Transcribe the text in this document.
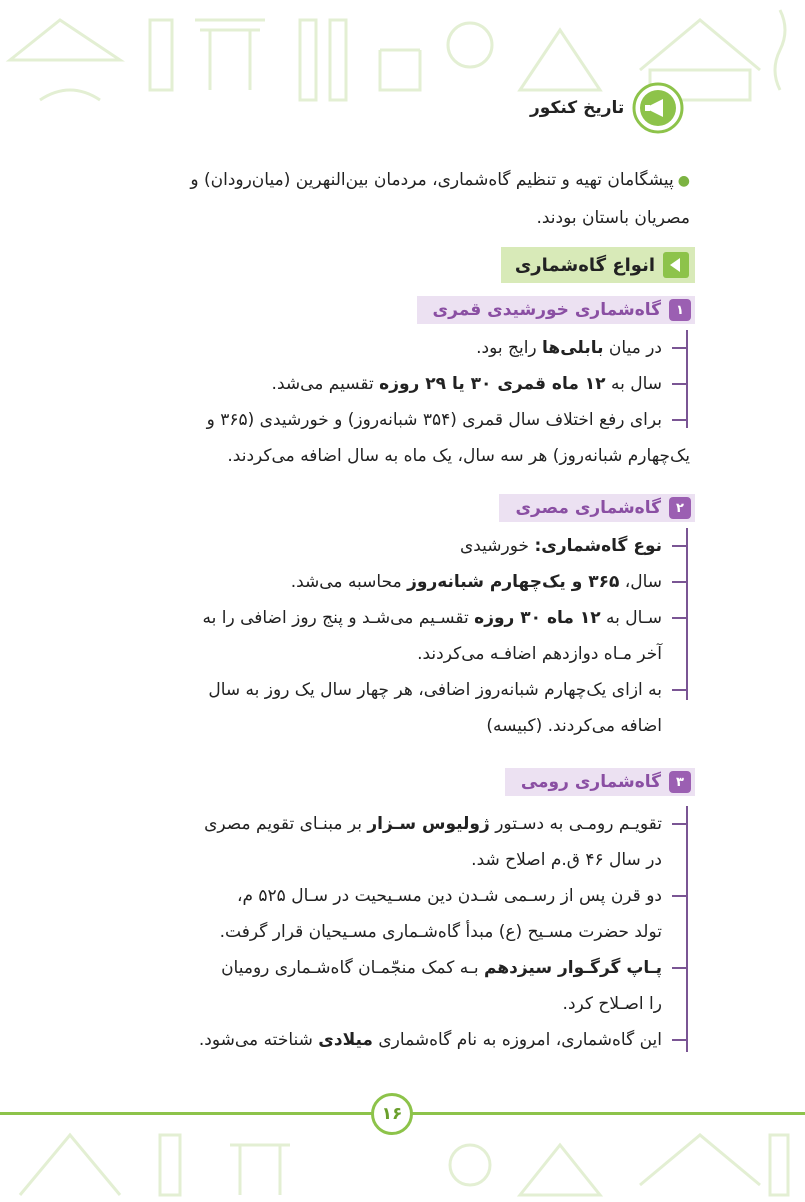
تاریخ کنکور

●پیشگامان تهیه و تنظیم گاه‌شماری، مردمان بین‌النهرین (میان‌رودان) و
مصریان باستان بودند.

انواع گاه‌شماری
۱
گاه‌شماری خورشیدی قمری
در میان بابلی‌ها رایج بود.
سال به ۱۲ ماه قمری ۳۰ یا ۲۹ روزه تقسیم می‌شد.
برای رفع اختلاف سال قمری (۳۵۴ شبانه‌روز) و خورشیدی (۳۶۵ و
یک‌چهارم شبانه‌روز) هر سه سال، یک ماه به سال اضافه می‌کردند.
۲
گاه‌شماری مصری
نوع گاه‌شماری: خورشیدی
سال، ۳۶۵ و یک‌چهارم شبانه‌روز محاسبه می‌شد.
سـال به ۱۲ ماه ۳۰ روزه تقسـیم می‌شـد و پنج روز اضافی را به
آخر مـاه دوازدهم اضافـه می‌کردند.
به ازای یک‌چهارم شبانه‌روز اضافی، هر چهار سال یک روز به سال
اضافه می‌کردند. (کبیسه)
۳
گاه‌شماری رومی
تقویـم رومـی به دسـتور ژولیوس سـزار بر مبنـای تقویم مصری
در سال ۴۶ ق.م اصلاح شد.
دو قرن پس از رسـمی شـدن دین مسـیحیت در سـال ۵۲۵ م،
تولد حضرت مسـیح (ع) مبدأ گاه‌شـماری مسـیحیان قرار گرفت.
پـاپ گرگـوار سیزدهم بـه کمک منجّمـان گاه‌شـماری رومیان
را اصـلاح کرد.
این گاه‌شماری، امروزه به نام گاه‌شماری میلادی شناخته می‌شود.
۱۶
